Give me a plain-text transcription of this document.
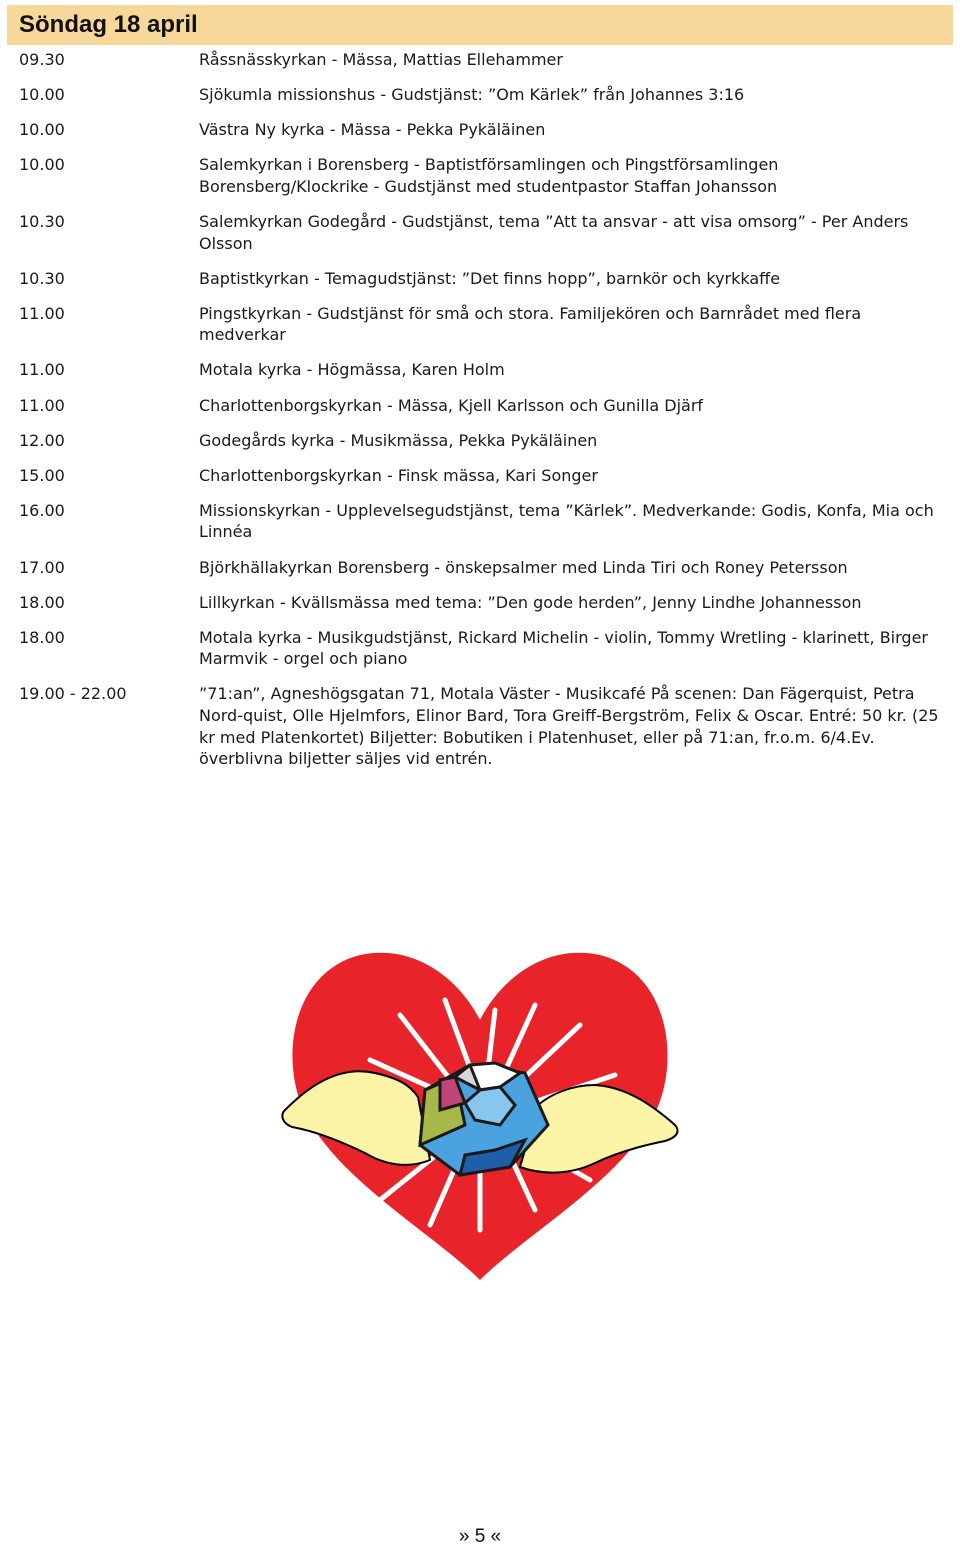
Söndag 18 april
09.30	Råssnässkyrkan - Mässa, Mattias Ellehammer
10.00	Sjökumla missionshus - Gudstjänst: ”Om Kärlek” från Johannes 3:16
10.00	Västra Ny kyrka - Mässa - Pekka Pykäläinen
10.00	Salemkyrkan i Borensberg - Baptistförsamlingen och Pingstförsamlingen Borensberg/Klockrike - Gudstjänst med studentpastor Staffan Johansson
10.30	Salemkyrkan Godegård - Gudstjänst, tema ”Att ta ansvar - att visa omsorg” - Per Anders Olsson
10.30	Baptistkyrkan - Temagudstjänst: ”Det finns hopp”, barnkör och kyrkkaffe
11.00	Pingstkyrkan - Gudstjänst för små och stora. Familjekören och Barnrådet med flera medverkar
11.00	Motala kyrka - Högmässa, Karen Holm
11.00	Charlottenborgskyrkan - Mässa, Kjell Karlsson och Gunilla Djärf
12.00	Godegårds kyrka - Musikmässa, Pekka Pykäläinen
15.00	Charlottenborgskyrkan - Finsk mässa, Kari Songer
16.00	Missionskyrkan - Upplevelsegudstjänst, tema ”Kärlek”. Medverkande: Godis, Konfa, Mia och Linnéa
17.00	Björkhällakyrkan Borensberg - önskepsalmer med Linda Tiri och Roney Petersson
18.00	Lillkyrkan - Kvällsmässa med tema: ”Den gode herden”, Jenny Lindhe Johannesson
18.00	Motala kyrka - Musikgudstjänst, Rickard Michelin - violin, Tommy Wretling - klarinett, Birger Marmvik - orgel och piano
19.00 - 22.00	”71:an”, Agneshögsgatan 71, Motala Väster - Musikcafé På scenen: Dan Fägerquist, Petra Nord-quist, Olle Hjelmfors, Elinor Bard, Tora Greiff-Bergström, Felix & Oscar. Entré: 50 kr. (25 kr med Platenkortet) Biljetter: Bobutiken i Platenhuset, eller på 71:an, fr.o.m. 6/4.Ev. överblivna biljetter säljes vid entrén.
» 5 «
